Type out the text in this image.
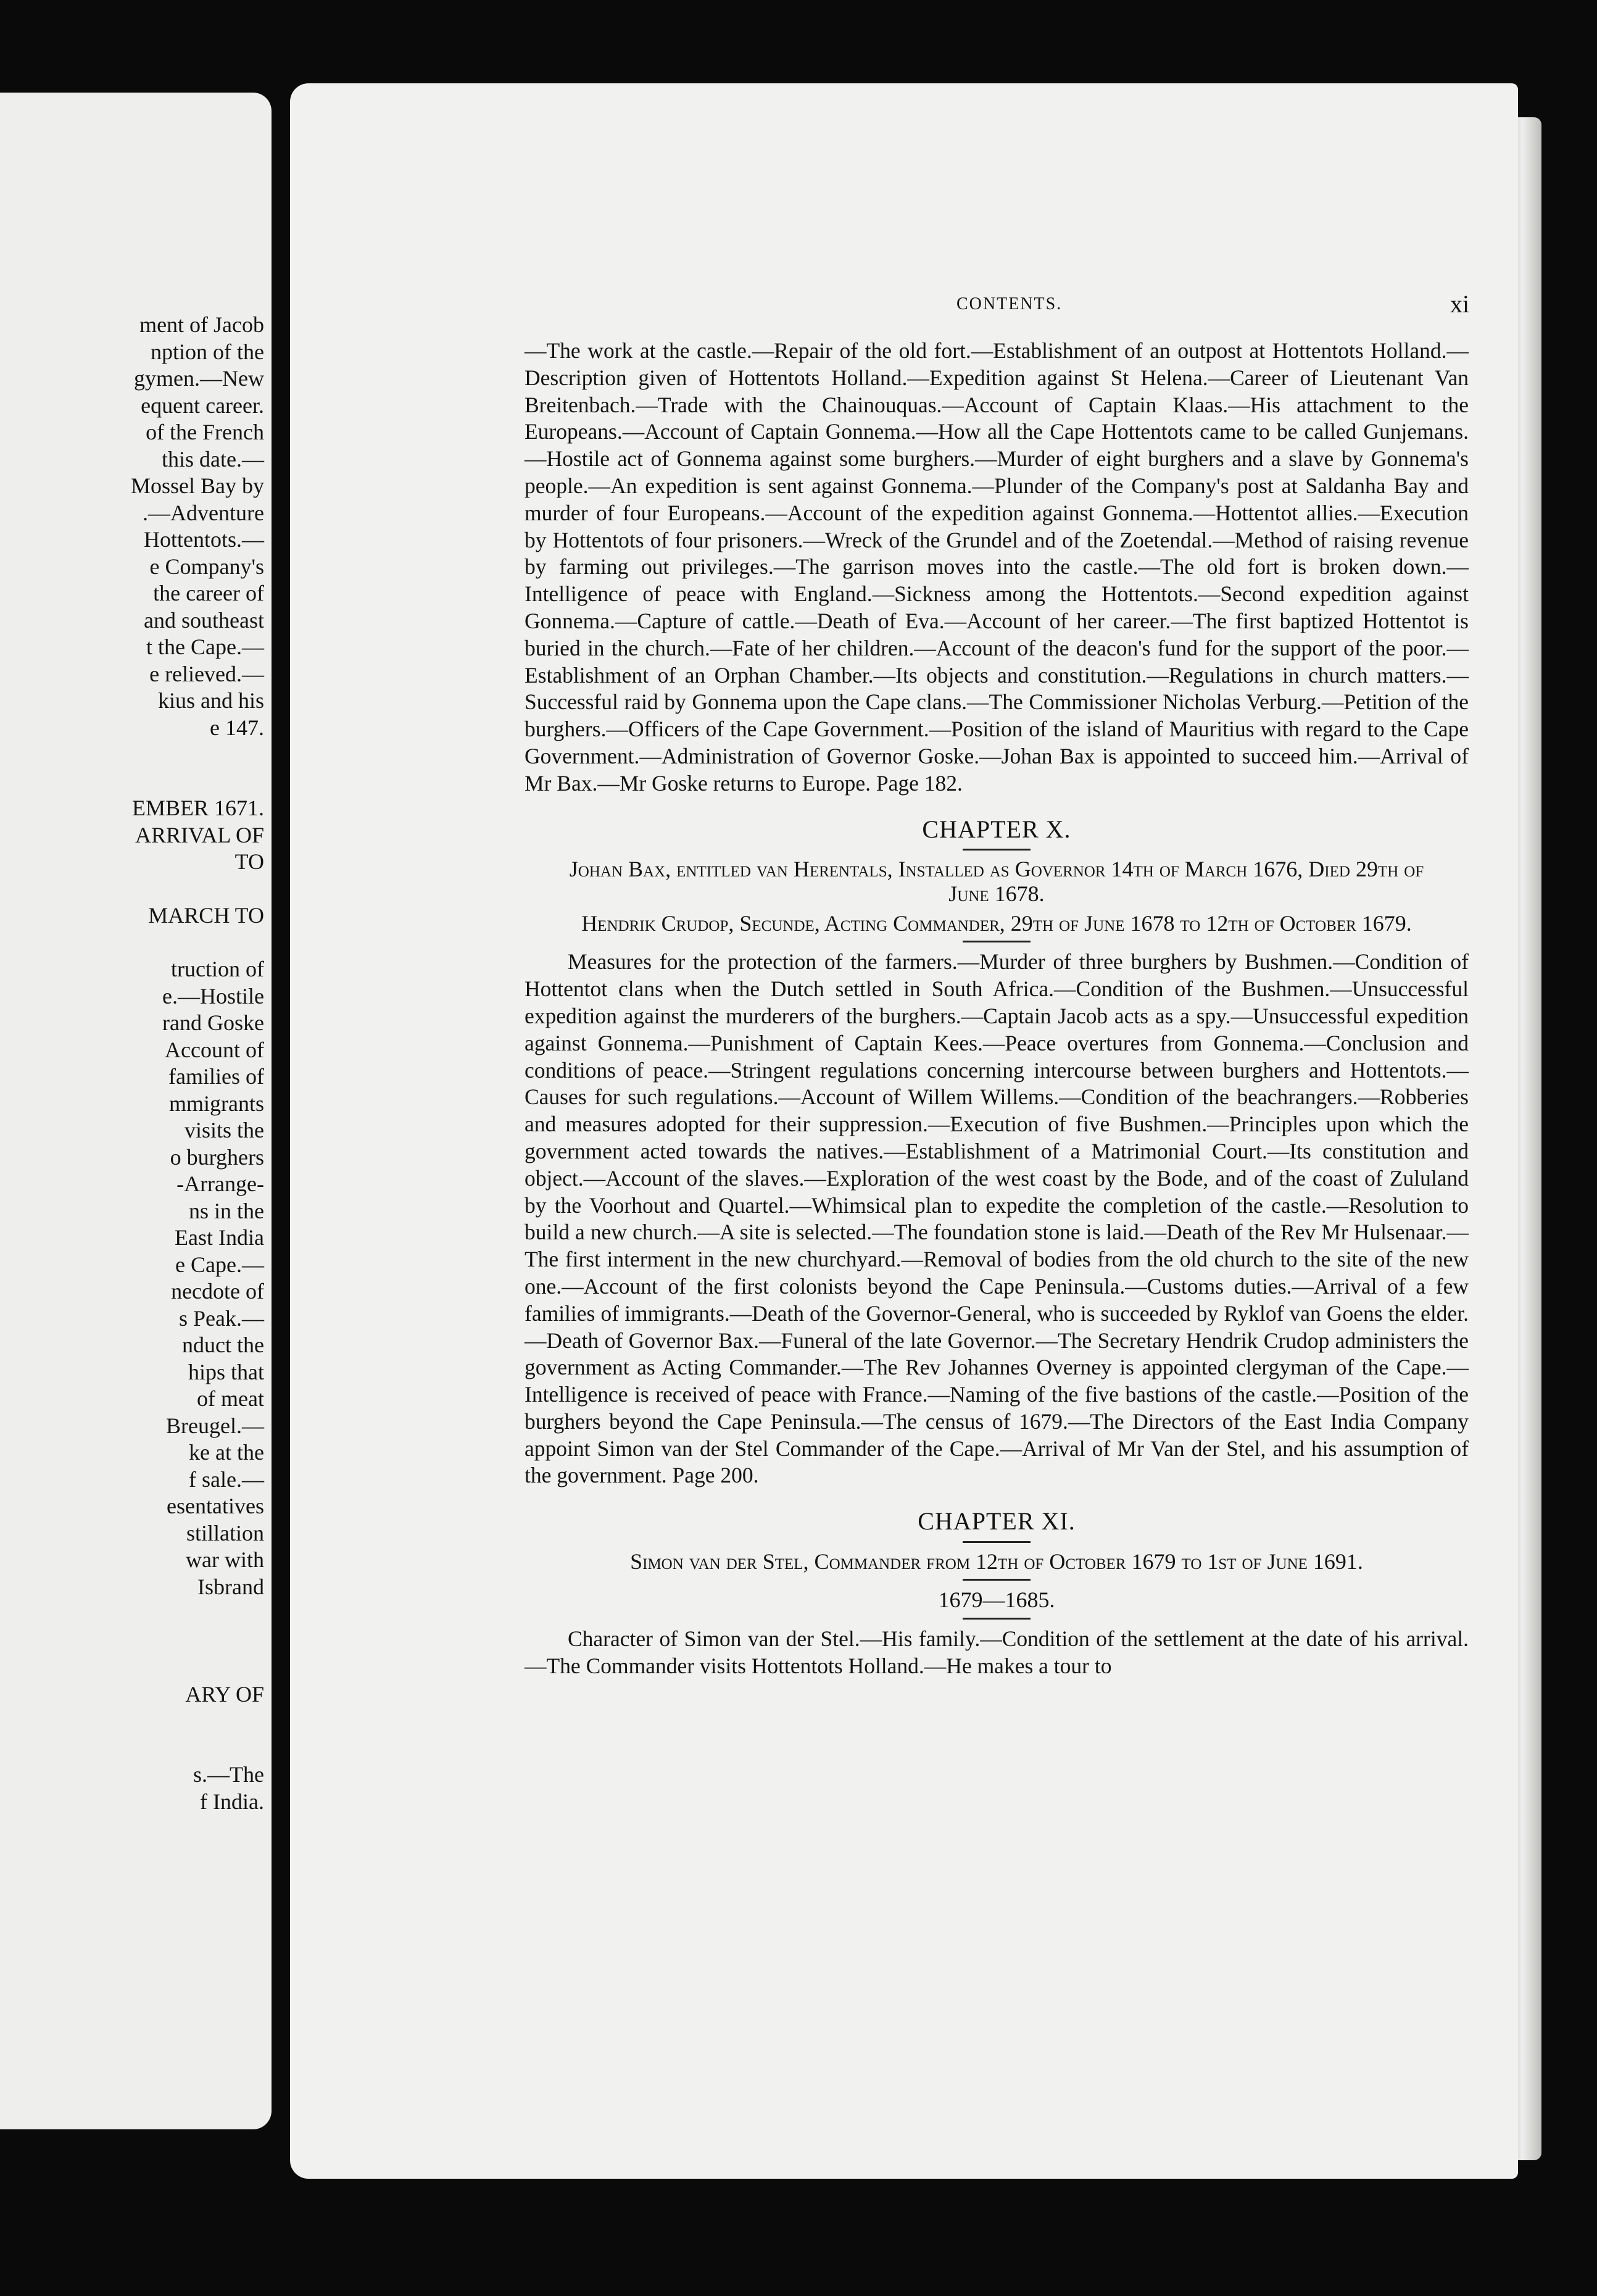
ment of Jacob
nption of the
gymen.—New
equent career.
of the French
this date.—
Mossel Bay by
.—Adventure
Hottentots.—
e Company's
the career of
and southeast
t the Cape.—
e relieved.—
kius and his
e 147.

EMBER 1671.
ARRIVAL OF
TO

MARCH TO

truction of
e.—Hostile
rand Goske
Account of
families of
mmigrants
visits the
o burghers
-Arrange-
ns in the
East India
e Cape.—
necdote of
s Peak.—
nduct the
hips that
of meat
Breugel.—
ke at the
f sale.—
esentatives
stillation
war with
Isbrand

ARY OF

s.—The
f India.
CONTENTS.	xi

—The work at the castle.—Repair of the old fort.—Establishment of an outpost at Hottentots Holland.—Description given of Hottentots Holland.—Expedition against St Helena.—Career of Lieutenant Van Breitenbach.—Trade with the Chainouquas.—Account of Captain Klaas.—His attachment to the Europeans.—Account of Captain Gonnema.—How all the Cape Hottentots came to be called Gunjemans.—Hostile act of Gonnema against some burghers.—Murder of eight burghers and a slave by Gonnema's people.—An expedition is sent against Gonnema.—Plunder of the Company's post at Saldanha Bay and murder of four Europeans.—Account of the expedition against Gonnema.—Hottentot allies.—Execution by Hottentots of four prisoners.—Wreck of the Grundel and of the Zoetendal.—Method of raising revenue by farming out privileges.—The garrison moves into the castle.—The old fort is broken down.—Intelligence of peace with England.—Sickness among the Hottentots.—Second expedition against Gonnema.—Capture of cattle.—Death of Eva.—Account of her career.—The first baptized Hottentot is buried in the church.—Fate of her children.—Account of the deacon's fund for the support of the poor.—Establishment of an Orphan Chamber.—Its objects and constitution.—Regulations in church matters.—Successful raid by Gonnema upon the Cape clans.—The Commissioner Nicholas Verburg.—Petition of the burghers.—Officers of the Cape Government.—Position of the island of Mauritius with regard to the Cape Government.—Administration of Governor Goske.—Johan Bax is appointed to succeed him.—Arrival of Mr Bax.—Mr Goske returns to Europe. Page 182.

CHAPTER X.
Johan Bax, entitled van Herentals, Installed as Governor 14th of March 1676, Died 29th of June 1678.
Hendrik Crudop, Secunde, Acting Commander, 29th of June 1678 to 12th of October 1679.

Measures for the protection of the farmers.—Murder of three burghers by Bushmen.—Condition of Hottentot clans when the Dutch settled in South Africa.—Condition of the Bushmen.—Unsuccessful expedition against the murderers of the burghers.—Captain Jacob acts as a spy.—Unsuccessful expedition against Gonnema.—Punishment of Captain Kees.—Peace overtures from Gonnema.—Conclusion and conditions of peace.—Stringent regulations concerning intercourse between burghers and Hottentots.—Causes for such regulations.—Account of Willem Willems.—Condition of the beachrangers.—Robberies and measures adopted for their suppression.—Execution of five Bushmen.—Principles upon which the government acted towards the natives.—Establishment of a Matrimonial Court.—Its constitution and object.—Account of the slaves.—Exploration of the west coast by the Bode, and of the coast of Zululand by the Voorhout and Quartel.—Whimsical plan to expedite the completion of the castle.—Resolution to build a new church.—A site is selected.—The foundation stone is laid.—Death of the Rev Mr Hulsenaar.—The first interment in the new churchyard.—Removal of bodies from the old church to the site of the new one.—Account of the first colonists beyond the Cape Peninsula.—Customs duties.—Arrival of a few families of immigrants.—Death of the Governor-General, who is succeeded by Ryklof van Goens the elder.—Death of Governor Bax.—Funeral of the late Governor.—The Secretary Hendrik Crudop administers the government as Acting Commander.—The Rev Johannes Overney is appointed clergyman of the Cape.—Intelligence is received of peace with France.—Naming of the five bastions of the castle.—Position of the burghers beyond the Cape Peninsula.—The census of 1679.—The Directors of the East India Company appoint Simon van der Stel Commander of the Cape.—Arrival of Mr Van der Stel, and his assumption of the government. Page 200.

CHAPTER XI.
Simon van der Stel, Commander from 12th of October 1679 to 1st of June 1691.
1679—1685.

Character of Simon van der Stel.—His family.—Condition of the settlement at the date of his arrival.—The Commander visits Hottentots Holland.—He makes a tour to
